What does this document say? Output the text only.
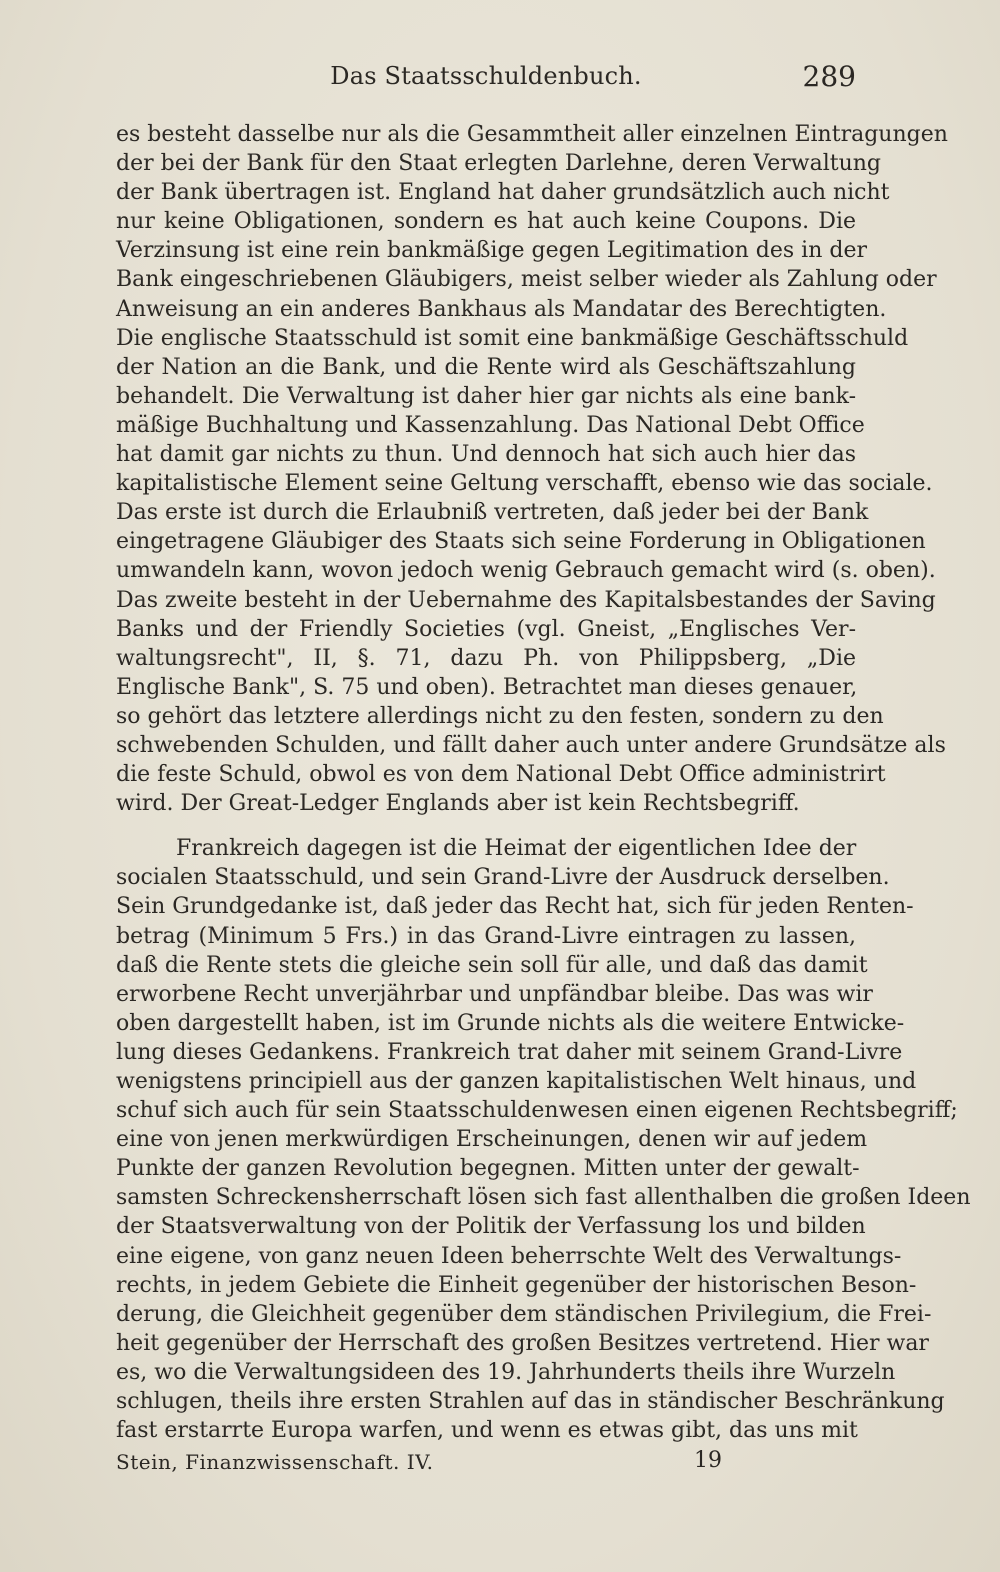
Das Staatsschuldenbuch.	289
es besteht dasselbe nur als die Gesammtheit aller einzelnen Eintragungen
der bei der Bank für den Staat erlegten Darlehne, deren Verwaltung
der Bank übertragen ist. England hat daher grundsätzlich auch nicht
nur keine Obligationen, sondern es hat auch keine Coupons. Die
Verzinsung ist eine rein bankmäßige gegen Legitimation des in der
Bank eingeschriebenen Gläubigers, meist selber wieder als Zahlung oder
Anweisung an ein anderes Bankhaus als Mandatar des Berechtigten.
Die englische Staatsschuld ist somit eine bankmäßige Geschäftsschuld
der Nation an die Bank, und die Rente wird als Geschäftszahlung
behandelt. Die Verwaltung ist daher hier gar nichts als eine bank-
mäßige Buchhaltung und Kassenzahlung. Das National Debt Office
hat damit gar nichts zu thun. Und dennoch hat sich auch hier das
kapitalistische Element seine Geltung verschafft, ebenso wie das sociale.
Das erste ist durch die Erlaubniß vertreten, daß jeder bei der Bank
eingetragene Gläubiger des Staats sich seine Forderung in Obligationen
umwandeln kann, wovon jedoch wenig Gebrauch gemacht wird (s. oben).
Das zweite besteht in der Uebernahme des Kapitalsbestandes der Saving
Banks und der Friendly Societies (vgl. Gneist, „Englisches Ver-
waltungsrecht", II, §. 71, dazu Ph. von Philippsberg, „Die
Englische Bank", S. 75 und oben). Betrachtet man dieses genauer,
so gehört das letztere allerdings nicht zu den festen, sondern zu den
schwebenden Schulden, und fällt daher auch unter andere Grundsätze als
die feste Schuld, obwol es von dem National Debt Office administrirt
wird. Der Great-Ledger Englands aber ist kein Rechtsbegriff.
Frankreich dagegen ist die Heimat der eigentlichen Idee der
socialen Staatsschuld, und sein Grand-Livre der Ausdruck derselben.
Sein Grundgedanke ist, daß jeder das Recht hat, sich für jeden Renten-
betrag (Minimum 5 Frs.) in das Grand-Livre eintragen zu lassen,
daß die Rente stets die gleiche sein soll für alle, und daß das damit
erworbene Recht unverjährbar und unpfändbar bleibe. Das was wir
oben dargestellt haben, ist im Grunde nichts als die weitere Entwicke-
lung dieses Gedankens. Frankreich trat daher mit seinem Grand-Livre
wenigstens principiell aus der ganzen kapitalistischen Welt hinaus, und
schuf sich auch für sein Staatsschuldenwesen einen eigenen Rechtsbegriff;
eine von jenen merkwürdigen Erscheinungen, denen wir auf jedem
Punkte der ganzen Revolution begegnen. Mitten unter der gewalt-
samsten Schreckensherrschaft lösen sich fast allenthalben die großen Ideen
der Staatsverwaltung von der Politik der Verfassung los und bilden
eine eigene, von ganz neuen Ideen beherrschte Welt des Verwaltungs-
rechts, in jedem Gebiete die Einheit gegenüber der historischen Beson-
derung, die Gleichheit gegenüber dem ständischen Privilegium, die Frei-
heit gegenüber der Herrschaft des großen Besitzes vertretend. Hier war
es, wo die Verwaltungsideen des 19. Jahrhunderts theils ihre Wurzeln
schlugen, theils ihre ersten Strahlen auf das in ständischer Beschränkung
fast erstarrte Europa warfen, und wenn es etwas gibt, das uns mit
Stein, Finanzwissenschaft. IV.	19
